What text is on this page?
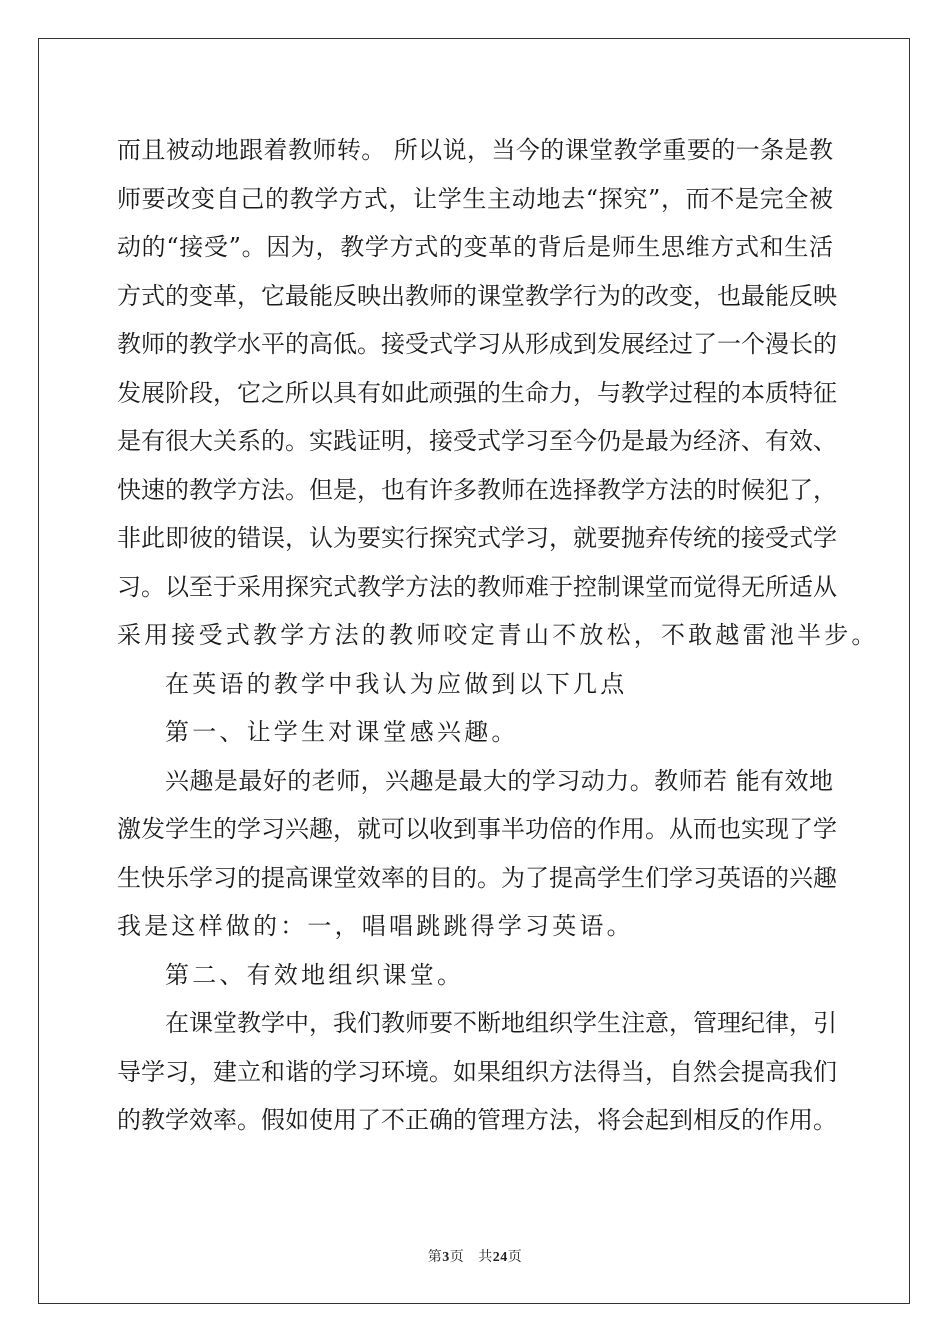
而且被动地跟着教师转。 所以说，当今的课堂教学重要的一条是教
师要改变自己的教学方式，让学生主动地去“探究”，而不是完全被
动的“接受”。因为，教学方式的变革的背后是师生思维方式和生活
方式的变革，它最能反映出教师的课堂教学行为的改变，也最能反映
教师的教学水平的高低。接受式学习从形成到发展经过了一个漫长的
发展阶段，它之所以具有如此顽强的生命力，与教学过程的本质特征
是有很大关系的。实践证明，接受式学习至今仍是最为经济、有效、
快速的教学方法。但是，也有许多教师在选择教学方法的时候犯了，
非此即彼的错误，认为要实行探究式学习，就要抛弃传统的接受式学
习。以至于采用探究式教学方法的教师难于控制课堂而觉得无所适从
采用接受式教学方法的教师咬定青山不放松，不敢越雷池半步。
在英语的教学中我认为应做到以下几点
第一、让学生对课堂感兴趣。
兴趣是最好的老师，兴趣是最大的学习动力。教师若 能有效地
激发学生的学习兴趣，就可以收到事半功倍的作用。从而也实现了学
生快乐学习的提高课堂效率的目的。为了提高学生们学习英语的兴趣
我是这样做的：一，唱唱跳跳得学习英语。
第二、有效地组织课堂。
在课堂教学中，我们教师要不断地组织学生注意，管理纪律，引
导学习，建立和谐的学习环境。如果组织方法得当，自然会提高我们
的教学效率。假如使用了不正确的管理方法，将会起到相反的作用。
第3页 共24页
